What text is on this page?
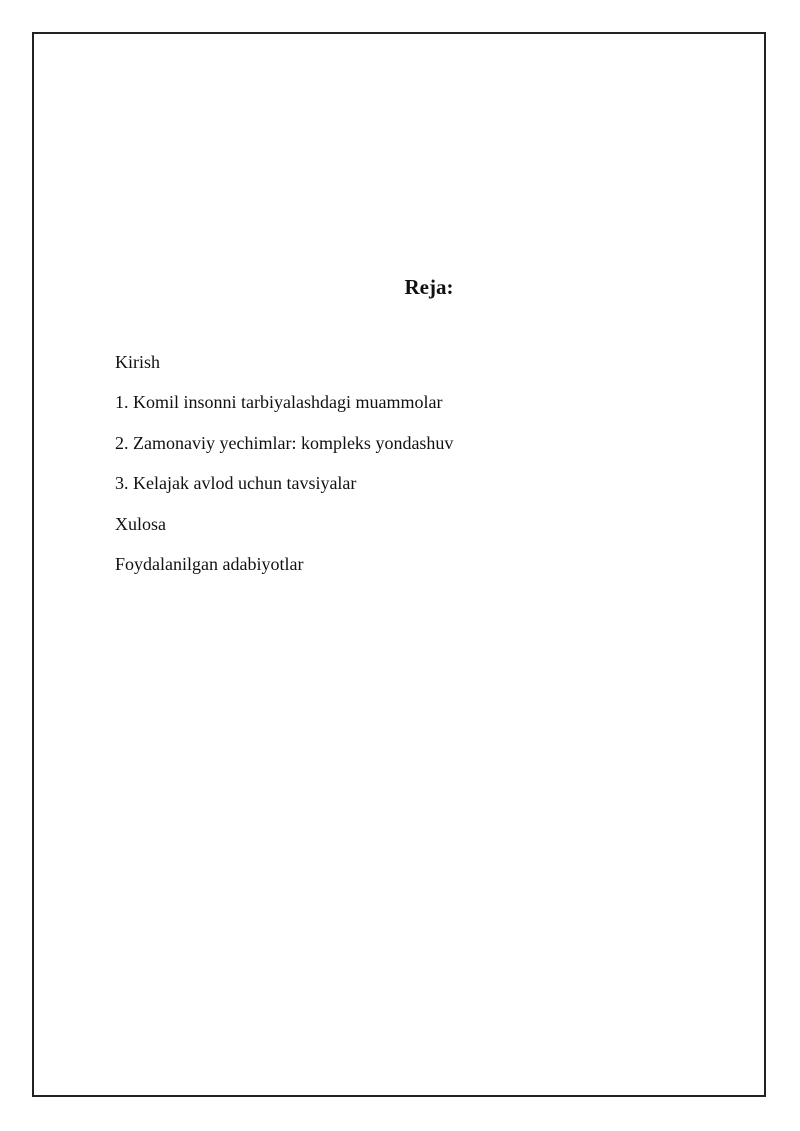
Reja:
Kirish
1. Komil insonni tarbiyalashdagi muammolar
2. Zamonaviy yechimlar: kompleks yondashuv
3. Kelajak avlod uchun tavsiyalar
Xulosa
Foydalanilgan adabiyotlar
